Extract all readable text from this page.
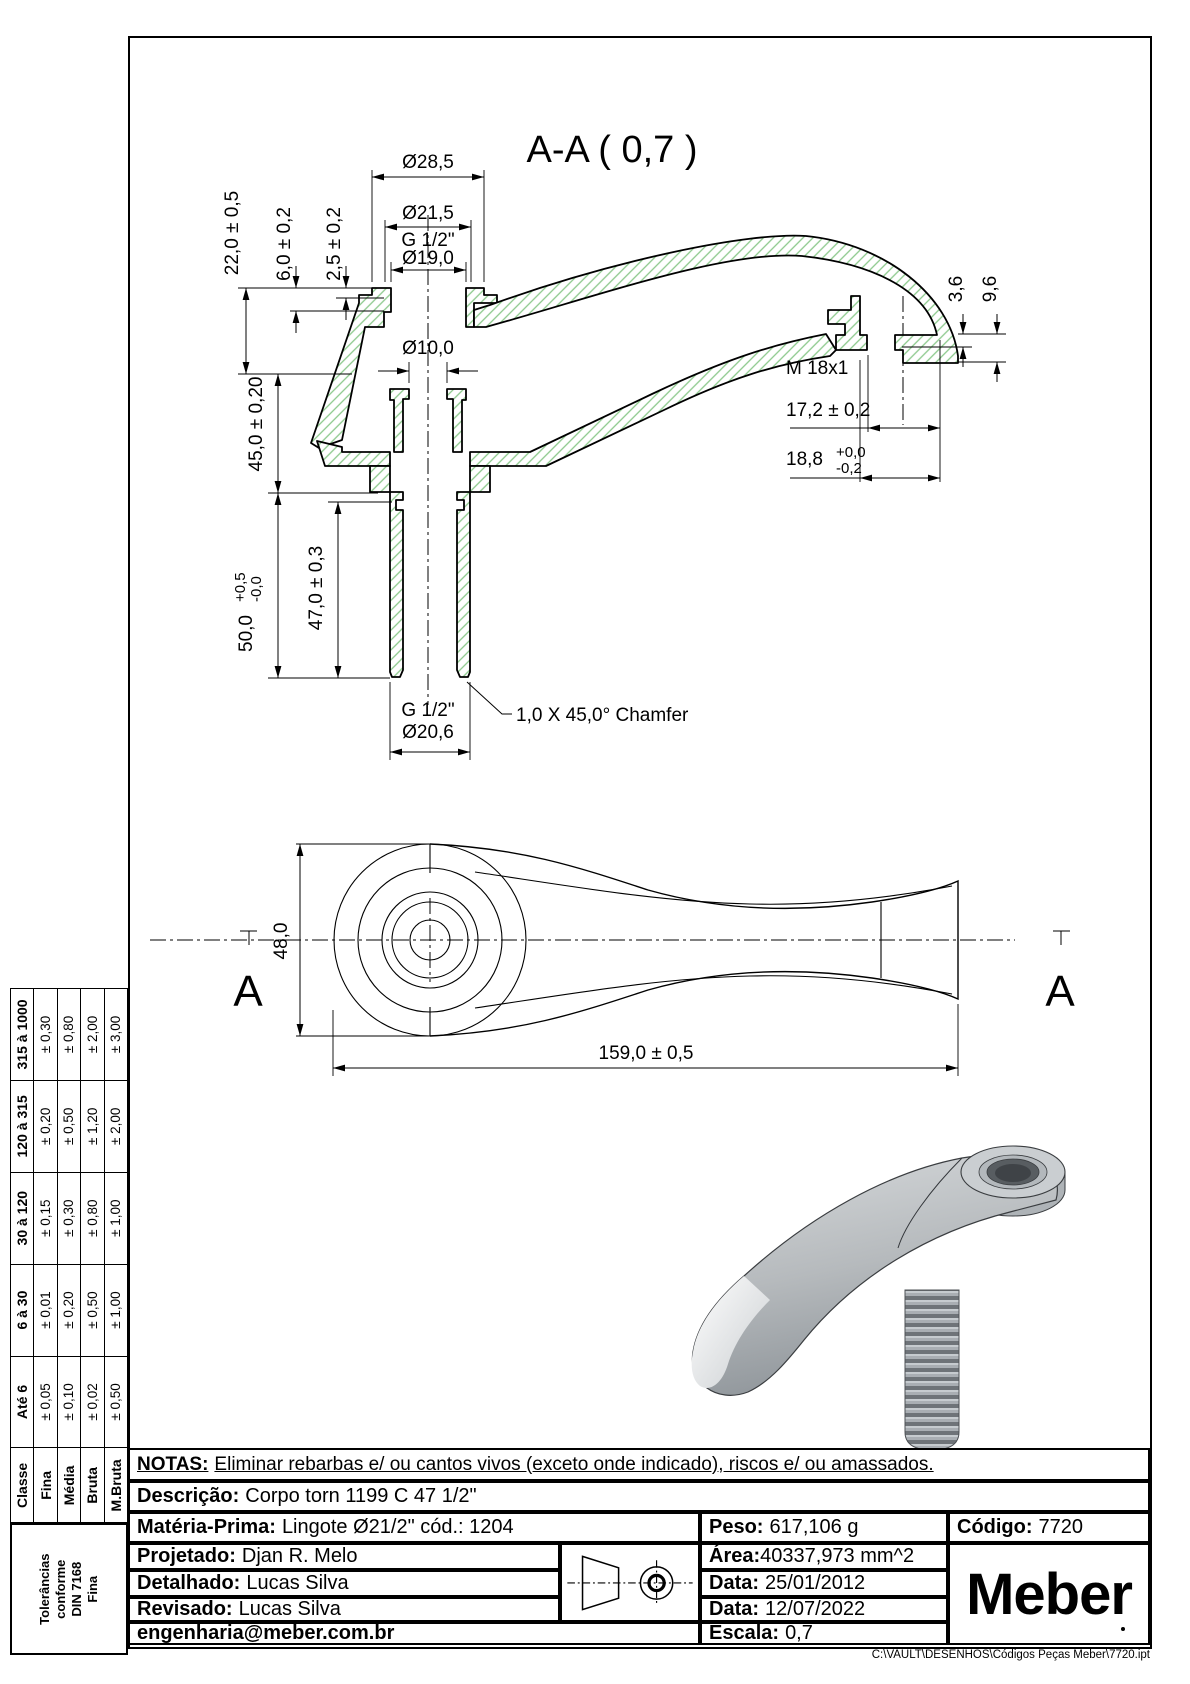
A-A ( 0,7 )
Ø28,5
Ø21,5
G 1/2"
Ø19,0
Ø10,0
22,0 ± 0,5 6,0 ± 0,2 2,5 ± 0,2
45,0 ± 0,20
50,0
+0,5 -0,0 47,0 ± 0,3
M 18x1
17,2 ± 0,2
18,8 +0,0
-0,2
3,6 9,6
G 1/2"
Ø20,6
1,0 X 45,0° Chamfer
48,0
159,0 ± 0,5
A	A
Tolerâncias conforme DIN 7168 Fina
Classe	Até 6	6 à 30	30 à 120	120 à 315	315 à 1000
Fina	± 0,05	± 0,01	± 0,15	± 0,20	± 0,30
Média	± 0,10	± 0,20	± 0,30	± 0,50	± 0,80
Bruta	± 0,02	± 0,50	± 0,80	± 1,20	± 2,00
M.Bruta	± 0,50	± 1,00	± 1,00	± 2,00	± 3,00
NOTAS: Eliminar rebarbas e/ ou cantos vivos (exceto onde indicado), riscos e/ ou amassados.
Descrição: Corpo torn 1199 C 47 1/2"
Matéria-Prima: Lingote Ø21/2" cód.: 1204	Peso: 617,106 g	Código: 7720
Projetado: Djan R. Melo
Detalhado: Lucas Silva
Revisado: Lucas Silva
Área: 40337,973 mm^2
Data: 25/01/2012
Data: 12/07/2022
engenharia@meber.com.br	Escala: 0,7
Meber
C:\VAULT\DESENHOS\Códigos Peças Meber\7720.ipt
